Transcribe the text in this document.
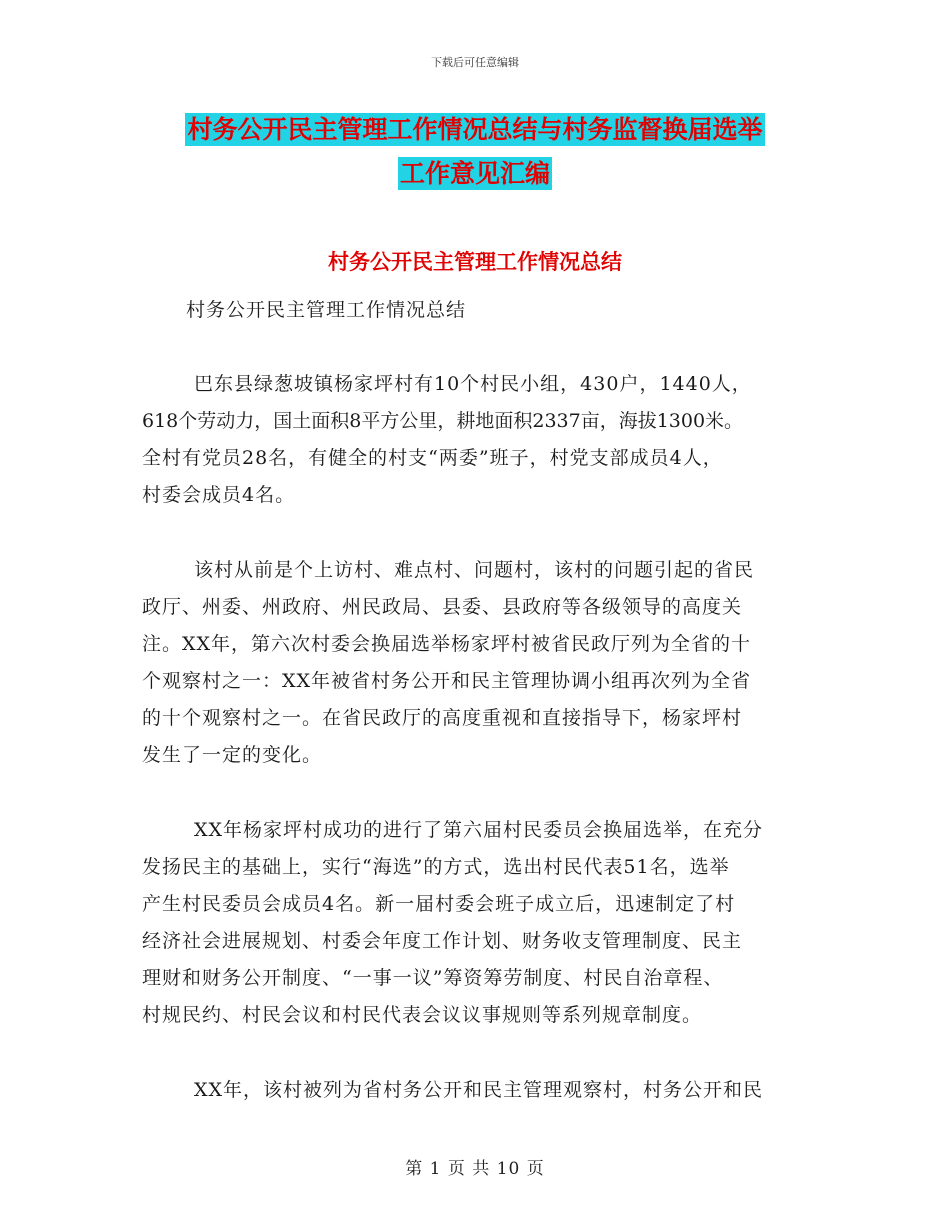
下载后可任意编辑
村务公开民主管理工作情况总结与村务监督换届选举
工作意见汇编
村务公开民主管理工作情况总结
村务公开民主管理工作情况总结
巴东县绿葱坡镇杨家坪村有10个村民小组，430户，1440人，
618个劳动力，国土面积8平方公里，耕地面积2337亩，海拔1300米。
全村有党员28名，有健全的村支“两委”班子，村党支部成员4人，
村委会成员4名。
该村从前是个上访村、难点村、问题村，该村的问题引起的省民
政厅、州委、州政府、州民政局、县委、县政府等各级领导的高度关
注。XX年，第六次村委会换届选举杨家坪村被省民政厅列为全省的十
个观察村之一：XX年被省村务公开和民主管理协调小组再次列为全省
的十个观察村之一。在省民政厅的高度重视和直接指导下，杨家坪村
发生了一定的变化。
XX年杨家坪村成功的进行了第六届村民委员会换届选举，在充分
发扬民主的基础上，实行“海选”的方式，选出村民代表51名，选举
产生村民委员会成员4名。新一届村委会班子成立后，迅速制定了村
经济社会进展规划、村委会年度工作计划、财务收支管理制度、民主
理财和财务公开制度、“一事一议”筹资筹劳制度、村民自治章程、
村规民约、村民会议和村民代表会议议事规则等系列规章制度。
XX年，该村被列为省村务公开和民主管理观察村，村务公开和民
第 1 页 共 10 页
